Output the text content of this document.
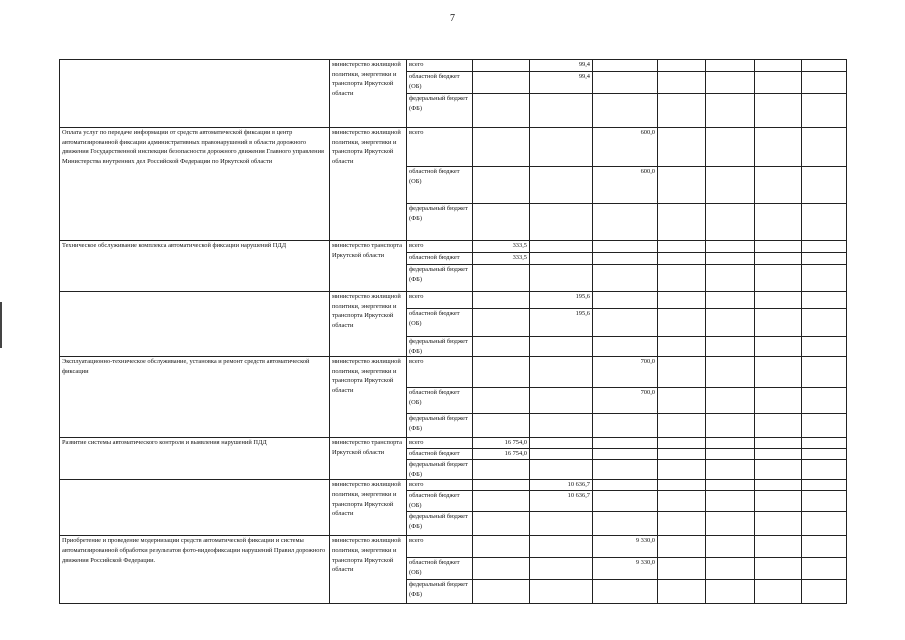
7
	министерство жилищной политики, энергетики и транспорта Иркутской области	всего		99,4					
		областной бюджет (ОБ)		99,4					
		федеральный бюджет (ФБ)							
Оплата услуг по передаче информации от средств автоматической фиксации в центр автоматизированной фиксации административных правонарушений в области дорожного движения Государственной инспекции безопасности дорожного движения Главного управления Министерства внутренних дел Российской Федерации по Иркутской области	министерство жилищной политики, энергетики и транспорта Иркутской области	всего			600,0				
		областной бюджет (ОБ)			600,0				
		федеральный бюджет (ФБ)							
Техническое обслуживание комплекса автоматической фиксации нарушений ПДД	министерство транспорта Иркутской области	всего	333,5						
		областной бюджет	333,5						
		федеральный бюджет (ФБ)							
	министерство жилищной политики, энергетики и транспорта Иркутской области	всего		195,6					
		областной бюджет (ОБ)		195,6					
		федеральный бюджет (ФБ)							
Эксплуатационно-техническое обслуживание, установка и ремонт средств автоматической фиксации	министерство жилищной политики, энергетики и транспорта Иркутской области	всего			700,0				
		областной бюджет (ОБ)			700,0				
		федеральный бюджет (ФБ)							
Развитие системы автоматического контроля и выявления нарушений ПДД	министерство транспорта Иркутской области	всего	16 754,0						
		областной бюджет	16 754,0						
		федеральный бюджет (ФБ)							
	министерство жилищной политики, энергетики и транспорта Иркутской области	всего		10 636,7					
		областной бюджет (ОБ)		10 636,7					
		федеральный бюджет (ФБ)							
Приобретение и проведение модернизации средств автоматической фиксации и системы автоматизированной обработки результатов фото-видеофиксации нарушений Правил дорожного движения Российской Федерации.	министерство жилищной политики, энергетики и транспорта Иркутской области	всего			9 330,0				
		областной бюджет (ОБ)			9 330,0				
		федеральный бюджет (ФБ)							
